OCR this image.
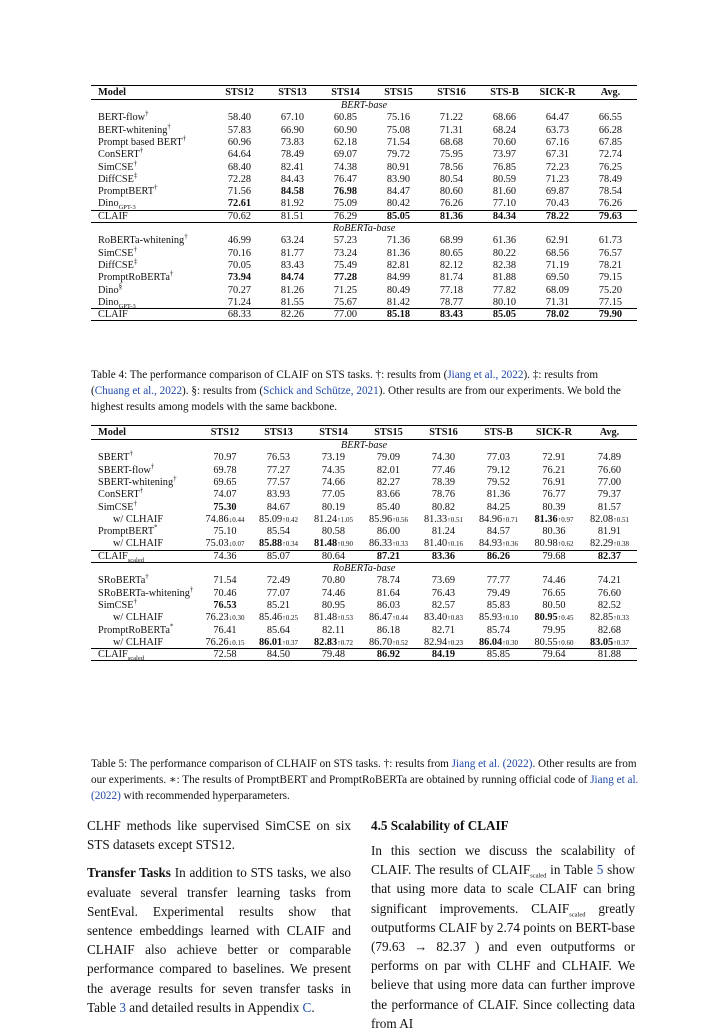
Model	STS12	STS13	STS14	STS15	STS16	STS-B	SICK-R	Avg.
BERT-base								
BERT-flow†	58.40	67.10	60.85	75.16	71.22	68.66	64.47	66.55
BERT-whitening†	57.83	66.90	60.90	75.08	71.31	68.24	63.73	66.28
Prompt based BERT†	60.96	73.83	62.18	71.54	68.68	70.60	67.16	67.85
ConSERT†	64.64	78.49	69.07	79.72	75.95	73.97	67.31	72.74
SimCSE†	68.40	82.41	74.38	80.91	78.56	76.85	72.23	76.25
DiffCSE‡	72.28	84.43	76.47	83.90	80.54	80.59	71.23	78.49
PromptBERT†	71.56	84.58	76.98	84.47	80.60	81.60	69.87	78.54
Dino$_{GPT-3}$	72.61	81.92	75.09	80.42	76.26	77.10	70.43	76.26
CLAIF	70.62	81.51	76.29	85.05	81.36	84.34	78.22	79.63
RoBERTa-base								
RoBERTa-whitening†	46.99	63.24	57.23	71.36	68.99	61.36	62.91	61.73
SimCSE†	70.16	81.77	73.24	81.36	80.65	80.22	68.56	76.57
DiffCSE‡	70.05	83.43	75.49	82.81	82.12	82.38	71.19	78.21
PromptRoBERTa†	73.94	84.74	77.28	84.99	81.74	81.88	69.50	79.15
Dino§	70.27	81.26	71.25	80.49	77.18	77.82	68.09	75.20
Dino$_{GPT-3}$	71.24	81.55	75.67	81.42	78.77	80.10	71.31	77.15
CLAIF	68.33	82.26	77.00	85.18	83.43	85.05	78.02	79.90

Table 4: The performance comparison of CLAIF on STS tasks. †: results from (Jiang et al., 2022). ‡: results from (Chuang et al., 2022). §: results from (Schick and Schütze, 2021). Other results are from our experiments. We bold the highest results among models with the same backbone.

Model	STS12	STS13	STS14	STS15	STS16	STS-B	SICK-R	Avg.
BERT-base								
SBERT†	70.97	76.53	73.19	79.09	74.30	77.03	72.91	74.89
SBERT-flow†	69.78	77.27	74.35	82.01	77.46	79.12	76.21	76.60
SBERT-whitening†	69.65	77.57	74.66	82.27	78.39	79.52	76.91	77.00
ConSERT†	74.07	83.93	77.05	83.66	78.76	81.36	76.77	79.37
SimCSE†	75.30	84.67	80.19	85.40	80.82	84.25	80.39	81.57
w/ CLHAIF	74.86↓0.44	85.09↑0.42	81.24↑1.05	85.96↑0.56	81.33↑0.51	84.96↑0.71	81.36↑0.97	82.08↑0.51
PromptBERT*	75.10	85.54	80.58	86.00	81.24	84.57	80.36	81.91
w/ CLHAIF	75.03↓0.07	85.88↑0.34	81.48↑0.90	86.33↑0.33	81.40↑0.16	84.93↑0.36	80.98↑0.62	82.29↑0.38
$CLAIF_{scaled}$	74.36	85.07	80.64	87.21	83.36	86.26	79.68	82.37
RoBERTa-base								
SRoBERTa†	71.54	72.49	70.80	78.74	73.69	77.77	74.46	74.21
SRoBERTa-whitening†	70.46	77.07	74.46	81.64	76.43	79.49	76.65	76.60
SimCSE†	76.53	85.21	80.95	86.03	82.57	85.83	80.50	82.52
w/ CLHAIF	76.23↓0.30	85.46↑0.25	81.48↑0.53	86.47↑0.44	83.40↑0.83	85.93↑0.10	80.95↑0.45	82.85↑0.33
PromptRoBERTa*	76.41	85.64	82.11	86.18	82.71	85.74	79.95	82.68
w/ CLHAIF	76.26↓0.15	86.01↑0.37	82.83↑0.72	86.70↑0.52	82.94↑0.23	86.04↑0.30	80.55↑0.60	83.05↑0.37
$CLAIF_{scaled}$	72.58	84.50	79.48	86.92	84.19	85.85	79.64	81.88

Table 5: The performance comparison of CLHAIF on STS tasks. †: results from Jiang et al. (2022). Other results are from our experiments. ∗: The results of PromptBERT and PromptRoBERTa are obtained by running official code of Jiang et al. (2022) with recommended hyperparameters.

CLHF methods like supervised SimCSE on six STS datasets except STS12.

Transfer Tasks In addition to STS tasks, we also evaluate several transfer learning tasks from SentEval. Experimental results show that sentence embeddings learned with CLAIF and CLHAIF also achieve better or comparable performance compared to baselines. We present the average results for seven transfer tasks in Table 3 and detailed results in Appendix C.

4.5 Scalability of CLAIF

In this section we discuss the scalability of CLAIF. The results of $CLAIF_{scaled}$ in Table 5 show that using more data to scale CLAIF can bring significant improvements. $CLAIF_{scaled}$ greatly outputforms CLAIF by 2.74 points on BERT-base (79.63 → 82.37 ) and even outputforms or performs on par with CLHF and CLHAIF. We believe that using more data can further improve the performance of CLAIF. Since collecting data from AI
